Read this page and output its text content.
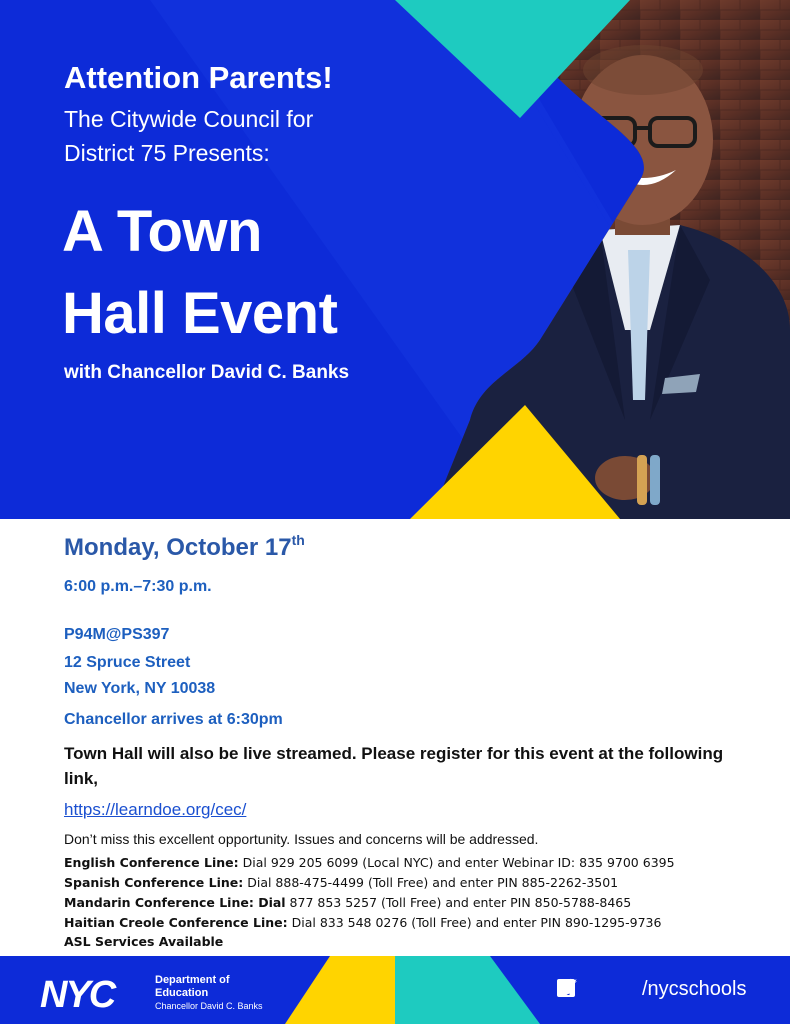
Attention Parents!
The Citywide Council for
District 75 Presents:
A Town
Hall Event
with Chancellor David C. Banks
Monday, October 17th
6:00 p.m.–7:30 p.m.
P94M@PS397
12 Spruce Street
New York, NY 10038
Chancellor arrives at 6:30pm
Town Hall will also be live streamed. Please register for this event at the following link,
https://learndoe.org/cec/
Don’t miss this excellent opportunity. Issues and concerns will be addressed.
English Conference Line: Dial 929 205 6099 (Local NYC) and enter Webinar ID: 835 9700 6395
Spanish Conference Line: Dial 888-475-4499 (Toll Free) and enter PIN 885-2262-3501
Mandarin Conference Line: Dial 877 853 5257 (Toll Free) and enter PIN 850-5788-8465
Haitian Creole Conference Line: Dial 833 548 0276 (Toll Free) and enter PIN 890-1295-9736
ASL Services Available
NYC	Department of
Education
Chancellor David C. Banks
/nycschools
